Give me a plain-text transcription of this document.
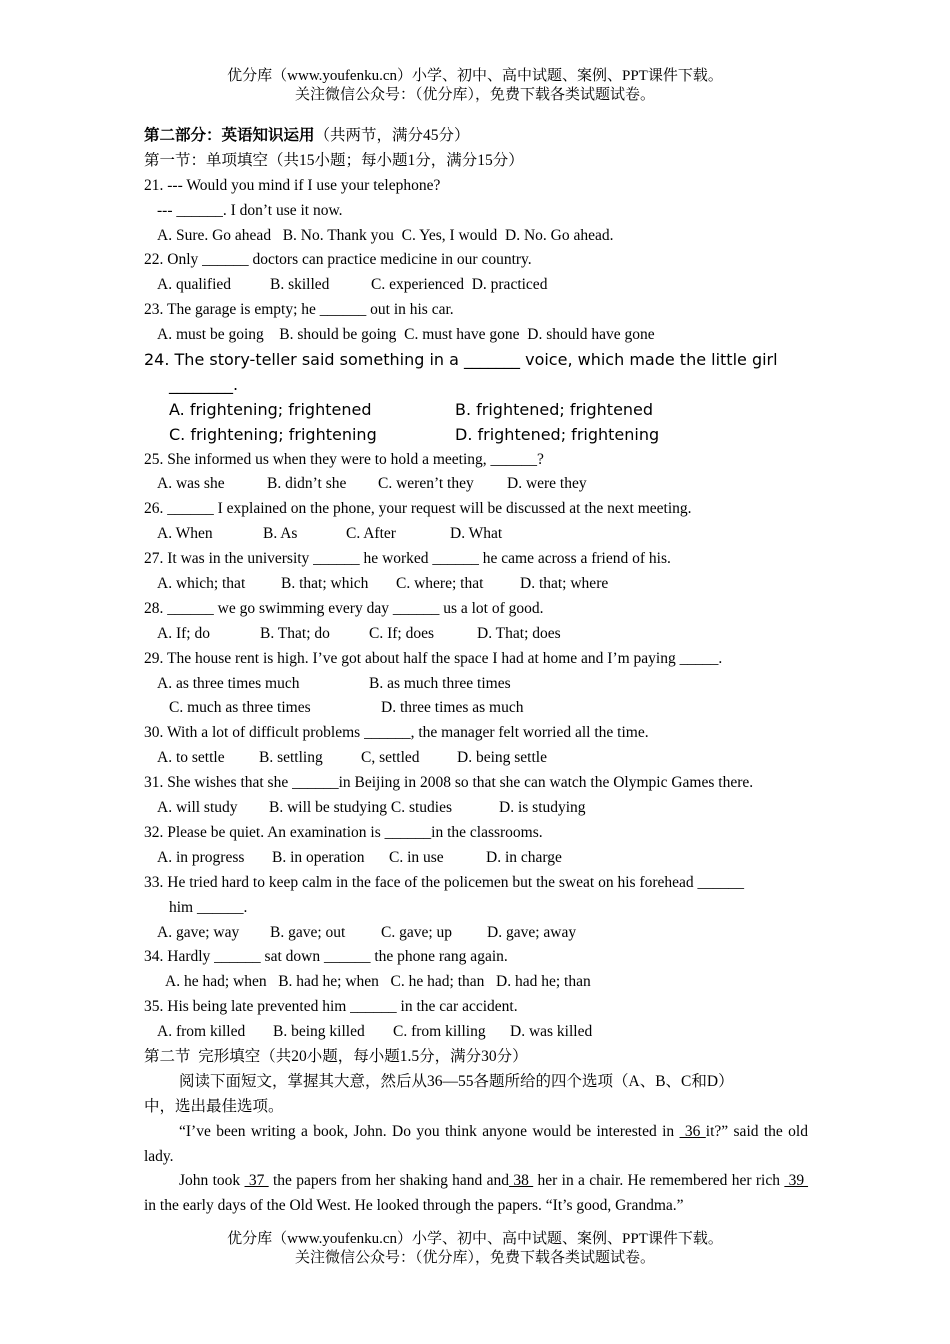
优分库（www.youfenku.cn）小学、初中、高中试题、案例、PPT课件下载。
关注微信公众号：（优分库），免费下载各类试题试卷。
第二部分：英语知识运用（共两节，满分45分）
第一节：单项填空（共15小题；每小题1分，满分15分）
21. --- Would you mind if I use your telephone?
--- ______. I don’t use it now.
A. Sure. Go ahead   B. No. Thank you  C. Yes, I would  D. No. Go ahead.
22. Only ______ doctors can practice medicine in our country.
A. qualified	B. skilled	C. experienced  D. practiced
23. The garage is empty; he ______ out in his car.
A. must be going    B. should be going  C. must have gone  D. should have gone
24. The story-teller said something in a _______ voice, which made the little girl
________.
A. frightening; frightened	B. frightened; frightened
C. frightening; frightening	D. frightened; frightening
25. She informed us when they were to hold a meeting, ______?
A. was she	B. didn’t she C. weren’t they D. were they
26. ______ I explained on the phone, your request will be discussed at the next meeting.
A. When	B. As	C. After	D. What
27. It was in the university ______ he worked ______ he came across a friend of his.
A. which; that B. that; which C. where; that D. that; where
28. ______ we go swimming every day ______ us a lot of good.
A. If; do	B. That; do	C. If; does	D. That; does
29. The house rent is high. I’ve got about half the space I had at home and I’m paying _____.
A. as three times much	B. as much three times
C. much as three times	D. three times as much
30. With a lot of difficult problems ______, the manager felt worried all the time.
A. to settle B. settling C, settled D. being settle
31. She wishes that she ______in Beijing in 2008 so that she can watch the Olympic Games there.
A. will study B. will be studying C. studies	D. is studying
32. Please be quiet. An examination is ______in the classrooms.
A. in progress B. in operation C. in use	D. in charge
33. He tried hard to keep calm in the face of the policemen but the sweat on his forehead ______
him ______.
A. gave; way B. gave; out C. gave; up D. gave; away
34. Hardly ______ sat down ______ the phone rang again.
A. he had; when   B. had he; when   C. he had; than   D. had he; than
35. His being late prevented him ______ in the car accident.
A. from killed B. being killed C. from killing D. was killed
第二节  完形填空（共20小题，每小题1.5分，满分30分）
阅读下面短文，掌握其大意，然后从36—55各题所给的四个选项（A、B、C和D）
中，选出最佳选项。
“I’ve been writing a book, John. Do you think anyone would be interested in  36 it?” said the old lady.
John took  37  the papers from her shaking hand and 38  her in a chair. He remembered her rich  39  in the early days of the Old West. He looked through the papers. “It’s good, Grandma.”
优分库（www.youfenku.cn）小学、初中、高中试题、案例、PPT课件下载。
关注微信公众号：（优分库），免费下载各类试题试卷。
